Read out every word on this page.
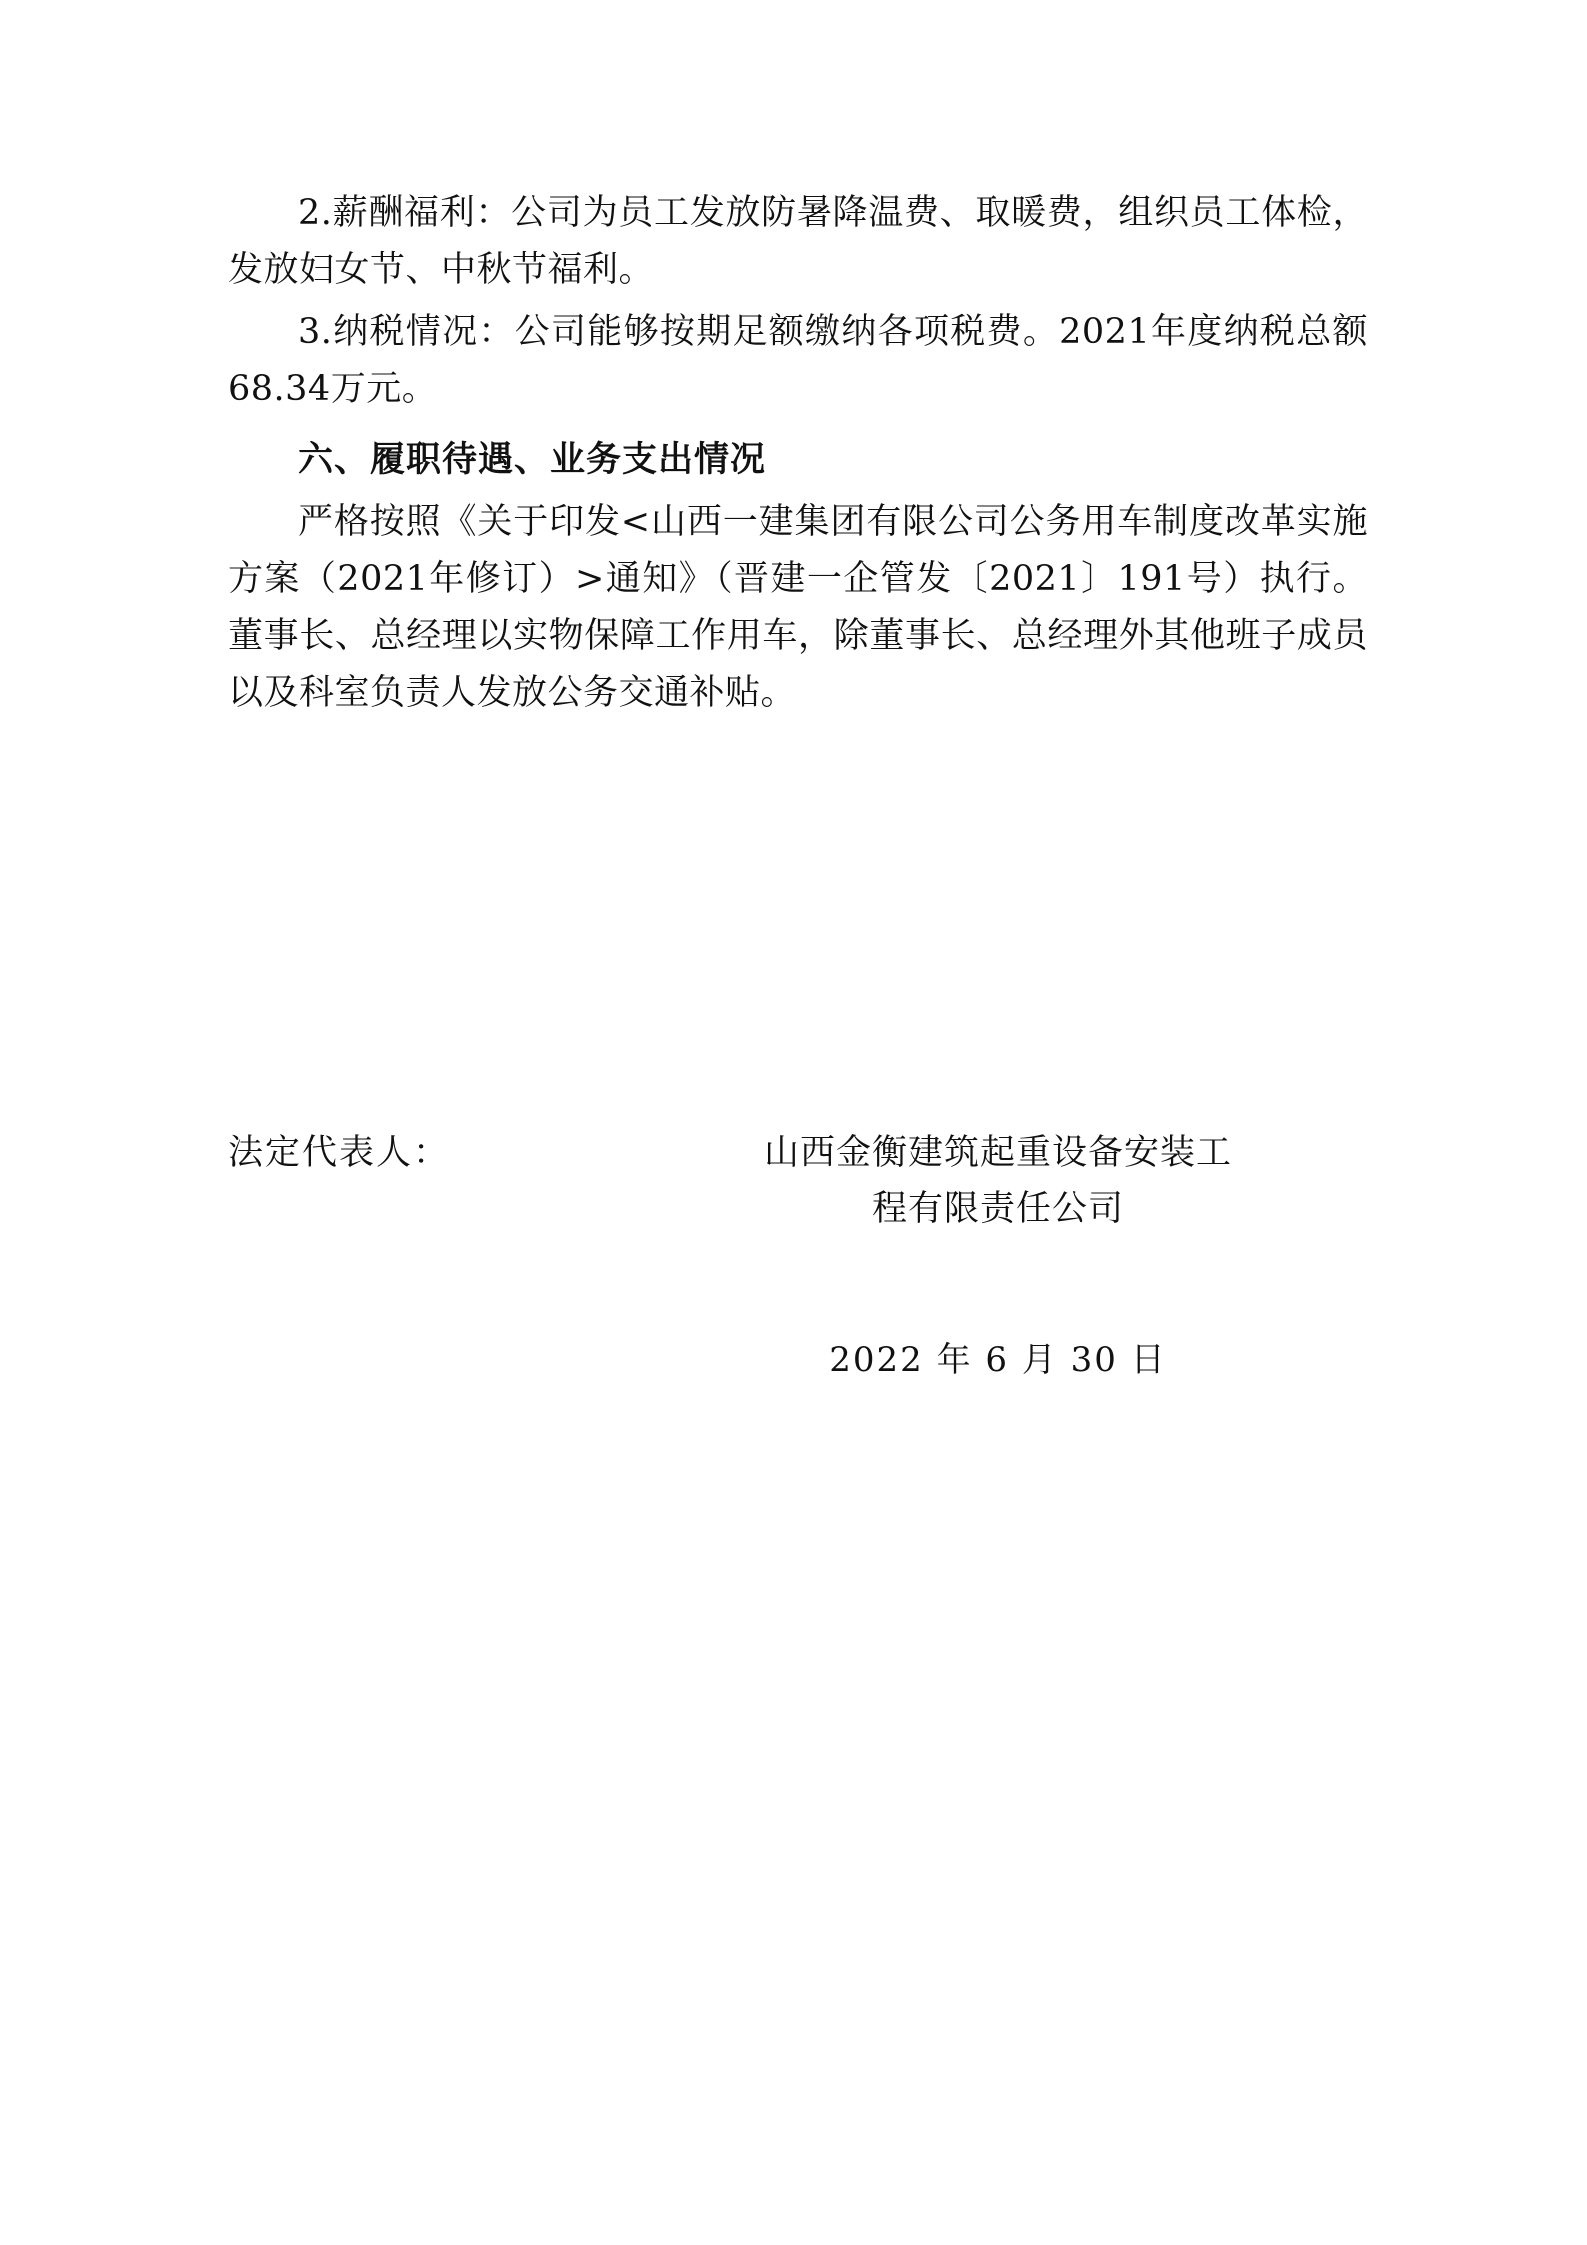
2.薪酬福利：公司为员工发放防暑降温费、取暖费，组织员工体检，发放妇女节、中秋节福利。

3.纳税情况：公司能够按期足额缴纳各项税费。2021年度纳税总额68.34万元。

六、履职待遇、业务支出情况

严格按照《关于印发<山西一建集团有限公司公务用车制度改革实施方案（2021年修订）>通知》（晋建一企管发〔2021〕191号）执行。董事长、总经理以实物保障工作用车，除董事长、总经理外其他班子成员以及科室负责人发放公务交通补贴。

法定代表人：	山西金衡建筑起重设备安装工
程有限责任公司
2022 年 6 月 30 日
